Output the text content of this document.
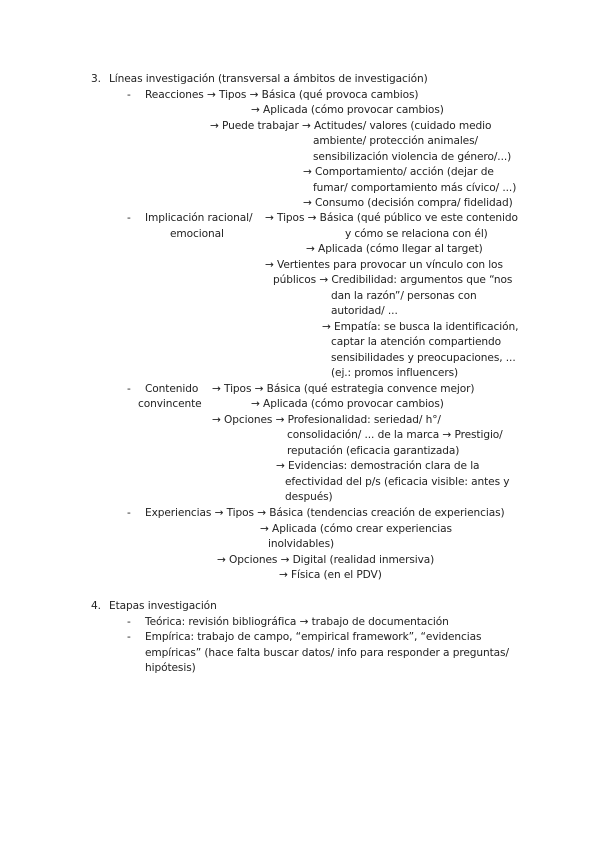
3. Líneas investigación (transversal a ámbitos de investigación)
- Reacciones → Tipos → Básica (qué provoca cambios)
→ Aplicada (cómo provocar cambios)
→ Puede trabajar → Actitudes/ valores (cuidado medio
ambiente/ protección animales/
sensibilización violencia de género/...)
→ Comportamiento/ acción (dejar de
fumar/ comportamiento más cívico/ ...)
→ Consumo (decisión compra/ fidelidad)
- Implicación racional/ → Tipos → Básica (qué público ve este contenido
emocional	y cómo se relaciona con él)
→ Aplicada (cómo llegar al target)
→ Vertientes para provocar un vínculo con los
públicos → Credibilidad: argumentos que “nos
dan la razón”/ personas con
autoridad/ ...
→ Empatía: se busca la identificación,
captar la atención compartiendo
sensibilidades y preocupaciones, ...
(ej.: promos influencers)
- Contenido → Tipos → Básica (qué estrategia convence mejor)
convincente	→ Aplicada (cómo provocar cambios)
→ Opciones → Profesionalidad: seriedad/ h°/
consolidación/ ... de la marca → Prestigio/
reputación (eficacia garantizada)
→ Evidencias: demostración clara de la
efectividad del p/s (eficacia visible: antes y
después)
- Experiencias → Tipos → Básica (tendencias creación de experiencias)
→ Aplicada (cómo crear experiencias
inolvidables)
→ Opciones → Digital (realidad inmersiva)
→ Física (en el PDV)
4. Etapas investigación
- Teórica: revisión bibliográfica → trabajo de documentación
- Empírica: trabajo de campo, “empirical framework”, “evidencias
empíricas” (hace falta buscar datos/ info para responder a preguntas/
hipótesis)
